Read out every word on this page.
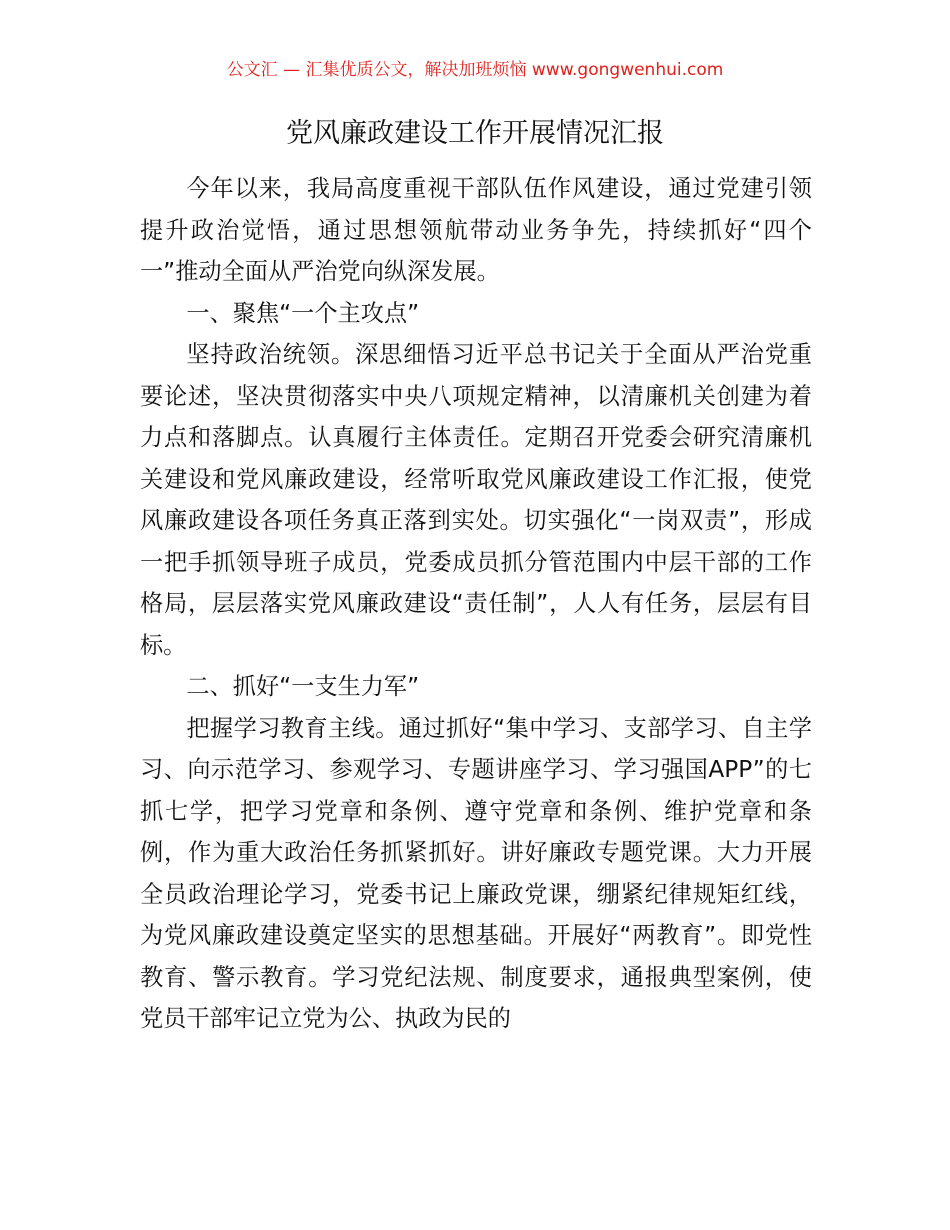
公文汇 — 汇集优质公文，解决加班烦恼 www.gongwenhui.com
党风廉政建设工作开展情况汇报

今年以来，我局高度重视干部队伍作风建设，通过党建引领提升政治觉悟，通过思想领航带动业务争先，持续抓好“四个一”推动全面从严治党向纵深发展。

一、聚焦“一个主攻点”

坚持政治统领。深思细悟习近平总书记关于全面从严治党重要论述，坚决贯彻落实中央八项规定精神，以清廉机关创建为着力点和落脚点。认真履行主体责任。定期召开党委会研究清廉机关建设和党风廉政建设，经常听取党风廉政建设工作汇报，使党风廉政建设各项任务真正落到实处。切实强化“一岗双责”，形成一把手抓领导班子成员，党委成员抓分管范围内中层干部的工作格局，层层落实党风廉政建设“责任制”，人人有任务，层层有目标。

二、抓好“一支生力军”

把握学习教育主线。通过抓好“集中学习、支部学习、自主学习、向示范学习、参观学习、专题讲座学习、学习强国APP”的七抓七学，把学习党章和条例、遵守党章和条例、维护党章和条例，作为重大政治任务抓紧抓好。讲好廉政专题党课。大力开展全员政治理论学习，党委书记上廉政党课，绷紧纪律规矩红线，为党风廉政建设奠定坚实的思想基础。开展好“两教育”。即党性教育、警示教育。学习党纪法规、制度要求，通报典型案例，使党员干部牢记立党为公、执政为民的
